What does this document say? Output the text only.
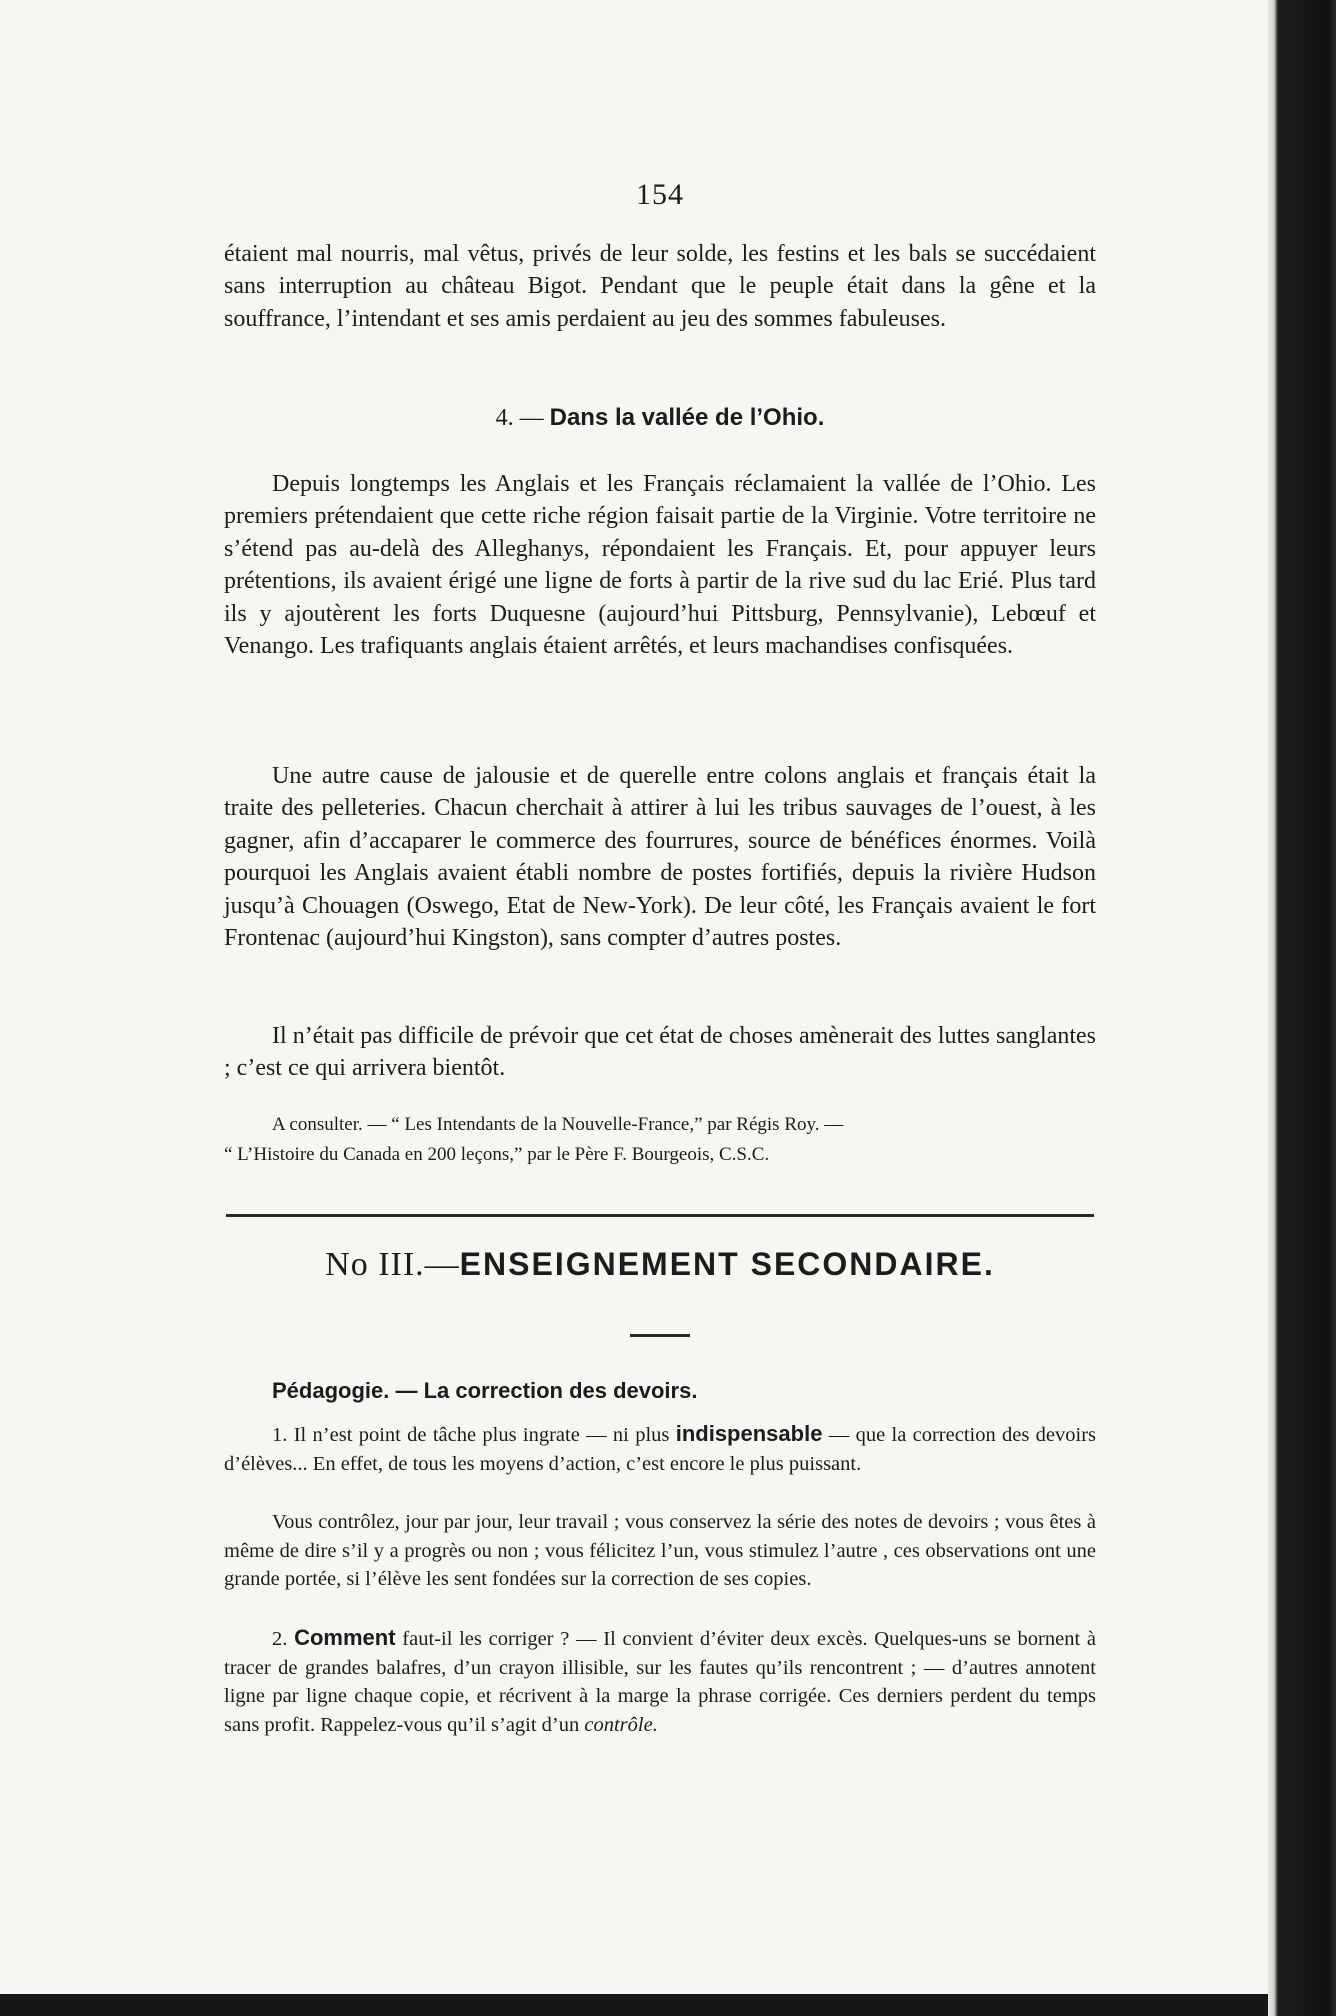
154

étaient mal nourris, mal vêtus, privés de leur solde, les festins et les bals se succédaient sans interruption au château Bigot. Pendant que le peuple était dans la gêne et la souffrance, l’intendant et ses amis perdaient au jeu des sommes fabuleuses.

4. — Dans la vallée de l’Ohio.

Depuis longtemps les Anglais et les Français réclamaient la vallée de l’Ohio. Les premiers prétendaient que cette riche région faisait partie de la Virginie. Votre territoire ne s’étend pas au-delà des Alleghanys, répondaient les Français. Et, pour appuyer leurs prétentions, ils avaient érigé une ligne de forts à partir de la rive sud du lac Erié. Plus tard ils y ajoutèrent les forts Duquesne (aujourd’hui Pittsburg, Pennsylvanie), Lebœuf et Venango. Les trafiquants anglais étaient arrêtés, et leurs machandises confisquées.

Une autre cause de jalousie et de querelle entre colons anglais et français était la traite des pelleteries. Chacun cherchait à attirer à lui les tribus sauvages de l’ouest, à les gagner, afin d’accaparer le commerce des fourrures, source de bénéfices énormes. Voilà pourquoi les Anglais avaient établi nombre de postes fortifiés, depuis la rivière Hudson jusqu’à Chouagen (Oswego, Etat de New-York). De leur côté, les Français avaient le fort Frontenac (aujourd’hui Kingston), sans compter d’autres postes.

Il n’était pas difficile de prévoir que cet état de choses amènerait des luttes sanglantes ; c’est ce qui arrivera bientôt.

A consulter. — “ Les Intendants de la Nouvelle-France,” par Régis Roy. —
“ L’Histoire du Canada en 200 leçons,” par le Père F. Bourgeois, C.S.C.
No III.—ENSEIGNEMENT SECONDAIRE.
Pédagogie. — La correction des devoirs.

1. Il n’est point de tâche plus ingrate — ni plus indispensable — que la correction des devoirs d’élèves... En effet, de tous les moyens d’action, c’est encore le plus puissant.

Vous contrôlez, jour par jour, leur travail ; vous conservez la série des notes de devoirs ; vous êtes à même de dire s’il y a progrès ou non ; vous félicitez l’un, vous stimulez l’autre , ces observations ont une grande portée, si l’élève les sent fondées sur la correction de ses copies.

2. Comment faut-il les corriger ? — Il convient d’éviter deux excès. Quelques-uns se bornent à tracer de grandes balafres, d’un crayon illisible, sur les fautes qu’ils rencontrent ; — d’autres annotent ligne par ligne chaque copie, et récrivent à la marge la phrase corrigée. Ces derniers perdent du temps sans profit. Rappelez-vous qu’il s’agit d’un contrôle.
